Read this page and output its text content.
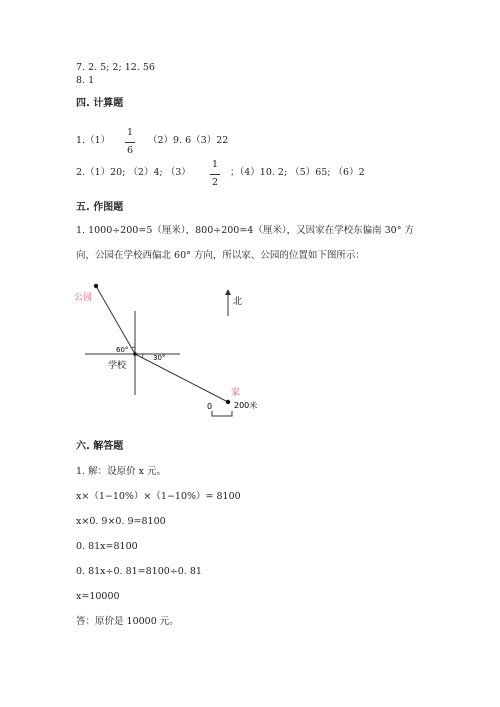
7. 2. 5; 2; 12. 56
8. 1
四. 计算题
1.（1）
1
6
（2）9. 6（3）22
2.（1）20; （2）4; （3）
1
2
；（4）10. 2; （5）65; （6）2
五. 作图题
1. 1000÷200=5（厘米），800÷200=4（厘米），又因家在学校东偏南 30° 方
向，公园在学校西偏北 60° 方向，所以家、公园的位置如下图所示：
公园
60°
30°
学校
北
家
0	200米
六. 解答题
1. 解：设原价 x 元。
x×（1−10%）×（1−10%）= 8100
x×0. 9×0. 9=8100
0. 81x=8100
0. 81x÷0. 81=8100÷0. 81
x=10000
答：原价是 10000 元。
